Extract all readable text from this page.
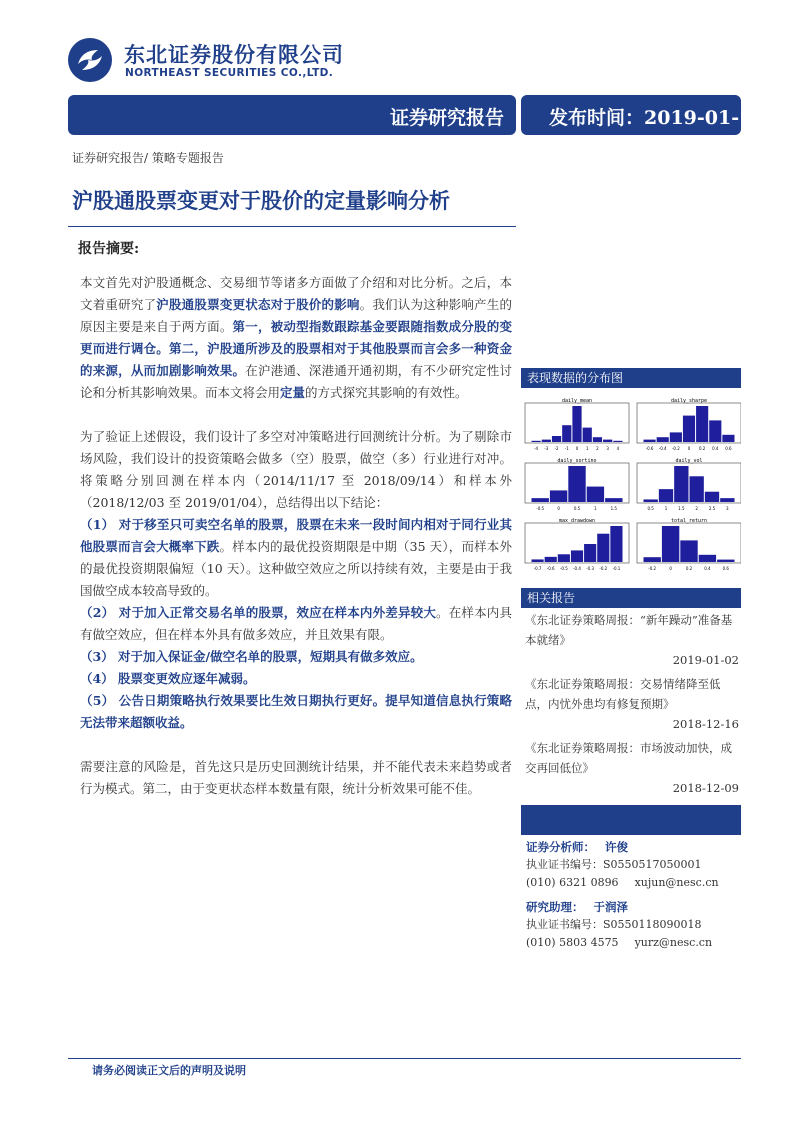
东北证券股份有限公司
NORTHEAST SECURITIES CO.,LTD.
证券研究报告 发布时间：2019-01-15
证券研究报告/ 策略专题报告
沪股通股票变更对于股价的定量影响分析
报告摘要:

本文首先对沪股通概念、交易细节等诸多方面做了介绍和对比分析。之后，本文着重研究了沪股通股票变更状态对于股价的影响。我们认为这种影响产生的原因主要是来自于两方面。第一，被动型指数跟踪基金要跟随指数成分股的变更而进行调仓。第二，沪股通所涉及的股票相对于其他股票而言会多一种资金的来源，从而加剧影响效果。在沪港通、深港通开通初期，有不少研究定性讨论和分析其影响效果。而本文将会用定量的方式探究其影响的有效性。

为了验证上述假设，我们设计了多空对冲策略进行回测统计分析。为了剔除市场风险，我们设计的投资策略会做多（空）股票，做空（多）行业进行对冲。将策略分别回测在样本内（2014/11/17 至 2018/09/14）和样本外（2018/12/03 至 2019/01/04），总结得出以下结论：

（1） 对于移至只可卖空名单的股票，股票在未来一段时间内相对于同行业其他股票而言会大概率下跌。样本内的最优投资期限是中期（35 天），而样本外的最优投资期限偏短（10 天）。这种做空效应之所以持续有效，主要是由于我国做空成本较高导致的。

（2） 对于加入正常交易名单的股票，效应在样本内外差异较大。在样本内具有做空效应，但在样本外具有做多效应，并且效果有限。

（3） 对于加入保证金/做空名单的股票，短期具有做多效应。

（4） 股票变更效应逐年减弱。

（5） 公告日期策略执行效果要比生效日期执行更好。提早知道信息执行策略无法带来超额收益。

需要注意的风险是，首先这只是历史回测统计结果，并不能代表未来趋势或者行为模式。第二，由于变更状态样本数量有限，统计分析效果可能不佳。

表现数据的分布图
daily_mean
-4 -3 -2 -1 0 1 2 3 4
daily_sharpe
-0.6 -0.4 -0.2 0 0.2 0.4 0.6
daily_sortino
-0.5	0	0.5	1	1.5
daily_vol
0.5	1	1.5	2	2.5	3
max_drawdown
-0.7 -0.6 -0.5 -0.4 -0.3 -0.2 -0.1
total_return
-0.2	0	0.2	0.4	0.6
相关报告

《东北证券策略周报：“新年躁动”准备基本就绪》

2019-01-02

《东北证券策略周报：交易情绪降至低点，内忧外患均有修复预期》

2018-12-16

《东北证券策略周报：市场波动加快，成交再回低位》

2018-12-09

证券分析师： 许俊
执业证书编号：S0550517050001
(010) 6321 0896 xujun@nesc.cn
研究助理： 于润泽
执业证书编号：S0550118090018
(010) 5803 4575 yurz@nesc.cn
请务必阅读正文后的声明及说明
